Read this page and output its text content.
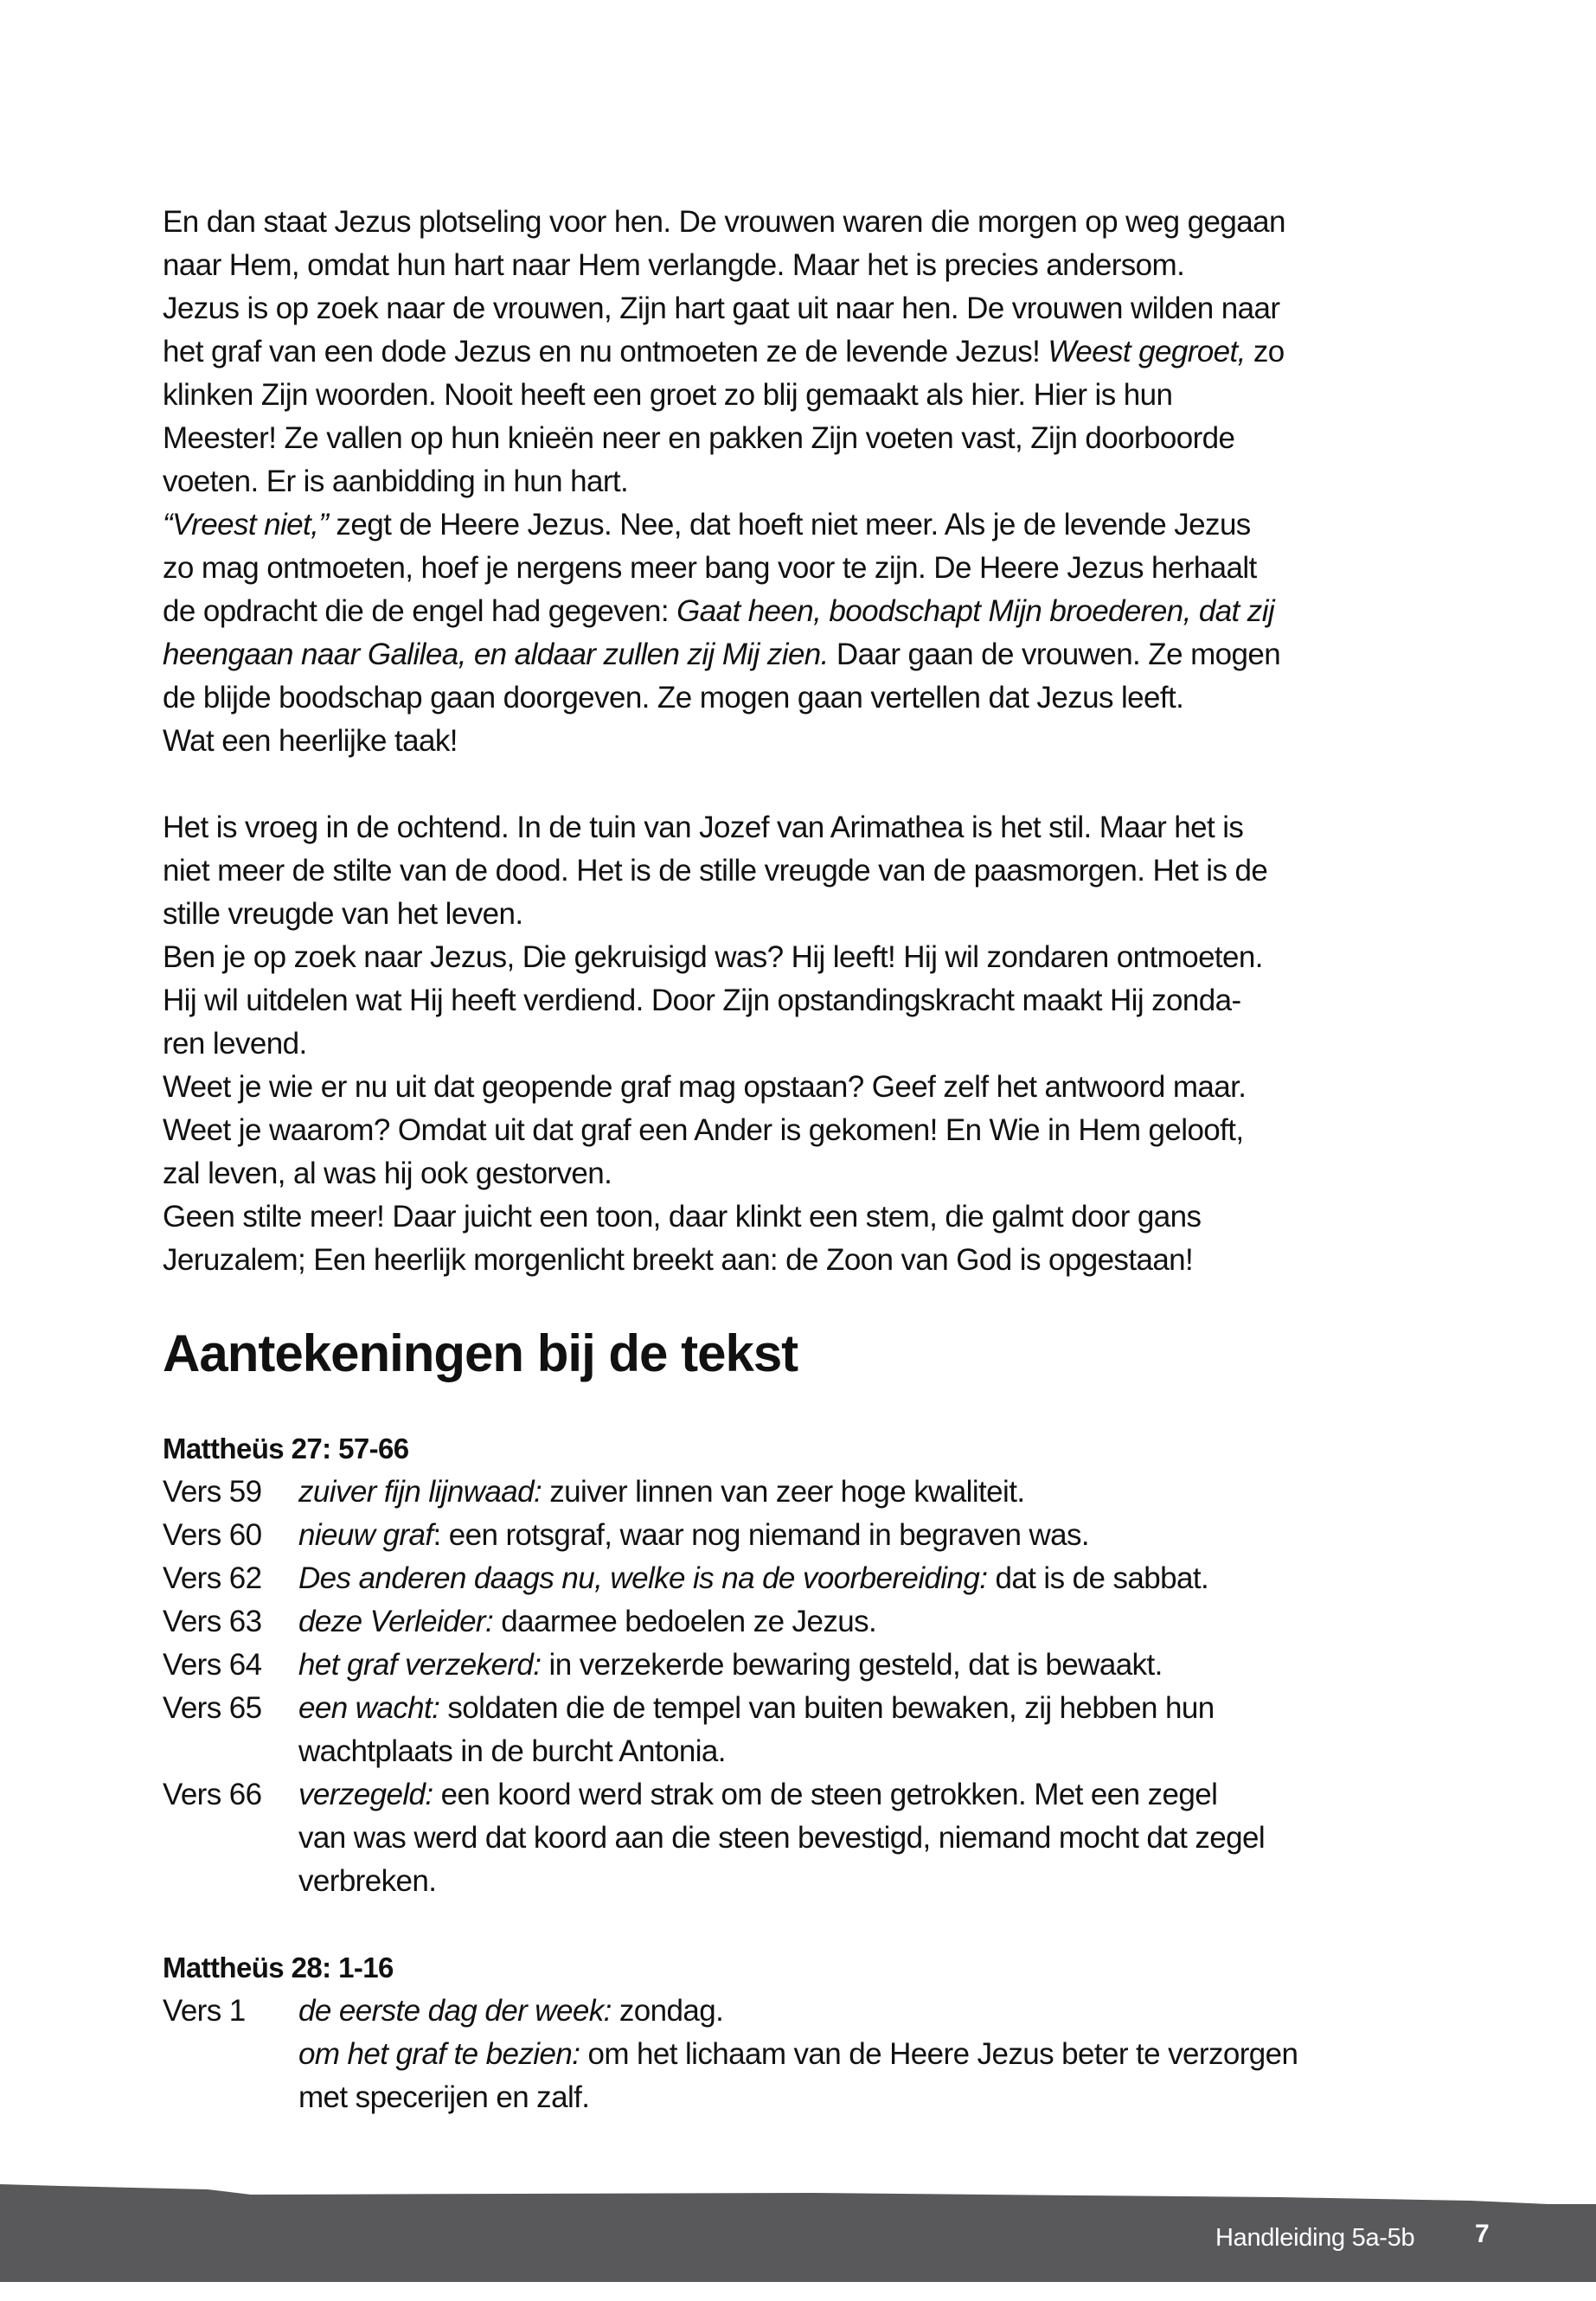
En dan staat Jezus plotseling voor hen. De vrouwen waren die morgen op weg gegaan
naar Hem, omdat hun hart naar Hem verlangde. Maar het is precies andersom.
Jezus is op zoek naar de vrouwen, Zijn hart gaat uit naar hen. De vrouwen wilden naar
het graf van een dode Jezus en nu ontmoeten ze de levende Jezus! Weest gegroet, zo
klinken Zijn woorden. Nooit heeft een groet zo blij gemaakt als hier. Hier is hun
Meester! Ze vallen op hun knieën neer en pakken Zijn voeten vast, Zijn doorboorde
voeten. Er is aanbidding in hun hart.
“Vreest niet,” zegt de Heere Jezus. Nee, dat hoeft niet meer. Als je de levende Jezus
zo mag ontmoeten, hoef je nergens meer bang voor te zijn. De Heere Jezus herhaalt
de opdracht die de engel had gegeven: Gaat heen, boodschapt Mijn broederen, dat zij
heengaan naar Galilea, en aldaar zullen zij Mij zien. Daar gaan de vrouwen. Ze mogen
de blijde boodschap gaan doorgeven. Ze mogen gaan vertellen dat Jezus leeft.
Wat een heerlijke taak!

Het is vroeg in de ochtend. In de tuin van Jozef van Arimathea is het stil. Maar het is
niet meer de stilte van de dood. Het is de stille vreugde van de paasmorgen. Het is de
stille vreugde van het leven.
Ben je op zoek naar Jezus, Die gekruisigd was? Hij leeft! Hij wil zondaren ontmoeten.
Hij wil uitdelen wat Hij heeft verdiend. Door Zijn opstandingskracht maakt Hij zonda-
ren levend.
Weet je wie er nu uit dat geopende graf mag opstaan? Geef zelf het antwoord maar.
Weet je waarom? Omdat uit dat graf een Ander is gekomen! En Wie in Hem gelooft,
zal leven, al was hij ook gestorven.
Geen stilte meer! Daar juicht een toon, daar klinkt een stem, die galmt door gans
Jeruzalem; Een heerlijk morgenlicht breekt aan: de Zoon van God is opgestaan!

Aantekeningen bij de tekst
Mattheüs 27: 57-66
Vers 59	zuiver fijn lijnwaad: zuiver linnen van zeer hoge kwaliteit.
Vers 60	nieuw graf: een rotsgraf, waar nog niemand in begraven was.
Vers 62	Des anderen daags nu, welke is na de voorbereiding: dat is de sabbat.
Vers 63	deze Verleider: daarmee bedoelen ze Jezus.
Vers 64	het graf verzekerd: in verzekerde bewaring gesteld, dat is bewaakt.
Vers 65	een wacht: soldaten die de tempel van buiten bewaken, zij hebben hun
wachtplaats in de burcht Antonia.
Vers 66	verzegeld: een koord werd strak om de steen getrokken. Met een zegel
van was werd dat koord aan die steen bevestigd, niemand mocht dat zegel
verbreken.
Mattheüs 28: 1-16
Vers 1	de eerste dag der week: zondag.
om het graf te bezien: om het lichaam van de Heere Jezus beter te verzorgen
met specerijen en zalf.
Handleiding 5a-5b 7
